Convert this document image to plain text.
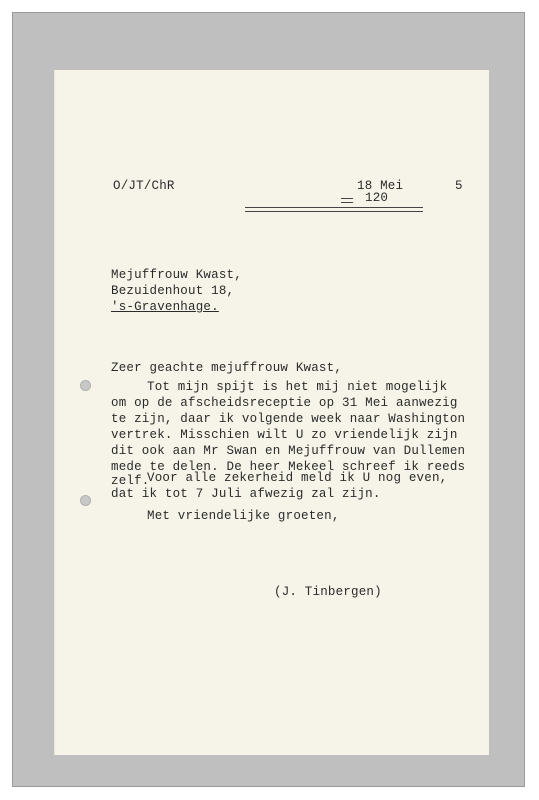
O/JT/ChR	18 Mei	5
120
Mejuffrouw Kwast,
Bezuidenhout 18,
's-Gravenhage.
Zeer geachte mejuffrouw Kwast,
Tot mijn spijt is het mij niet mogelijk
om op de afscheidsreceptie op 31 Mei aanwezig
te zijn, daar ik volgende week naar Washington
vertrek. Misschien wilt U zo vriendelijk zijn
dit ook aan Mr Swan en Mejuffrouw van Dullemen
mede te delen. De heer Mekeel schreef ik reeds
zelf.
Voor alle zekerheid meld ik U nog even,
dat ik tot 7 Juli afwezig zal zijn.
Met vriendelijke groeten,
(J. Tinbergen)
